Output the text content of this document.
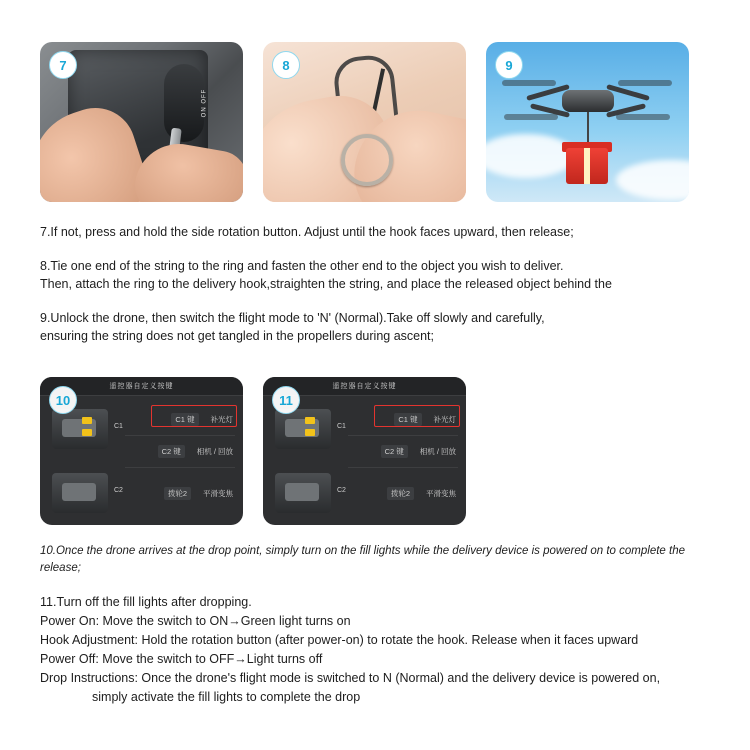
7
ON OFF
8	9
7.If not, press and hold the side rotation button. Adjust until the hook faces upward, then release;
8.Tie one end of the string to the ring and fasten the other end to the object you wish to deliver.
Then, attach the ring to the delivery hook,straighten the string, and place the released object behind the
9.Unlock the drone, then switch the flight mode to 'N' (Normal).Take off slowly and carefully,
ensuring the string does not get tangled in the propellers during ascent;
10
遥控器自定义按键
C1
C2
C1 键	补光灯
C2 键	相机 / 回放
拨轮2	平滑变焦
11
遥控器自定义按键
C1
C2
C1 键	补光灯
C2 键	相机 / 回放
拨轮2	平滑变焦
10.Once the drone arrives at the drop point, simply turn on the fill lights while the delivery device is powered on to complete the release;
11.Turn off the fill lights after dropping.
Power On: Move the switch to ON→Green light turns on
Hook Adjustment: Hold the rotation button (after power-on) to rotate the hook. Release when it faces upward
Power Off: Move the switch to OFF→Light turns off
Drop Instructions: Once the drone's flight mode is switched to N (Normal) and the delivery device is powered on,
simply activate the fill lights to complete the drop
